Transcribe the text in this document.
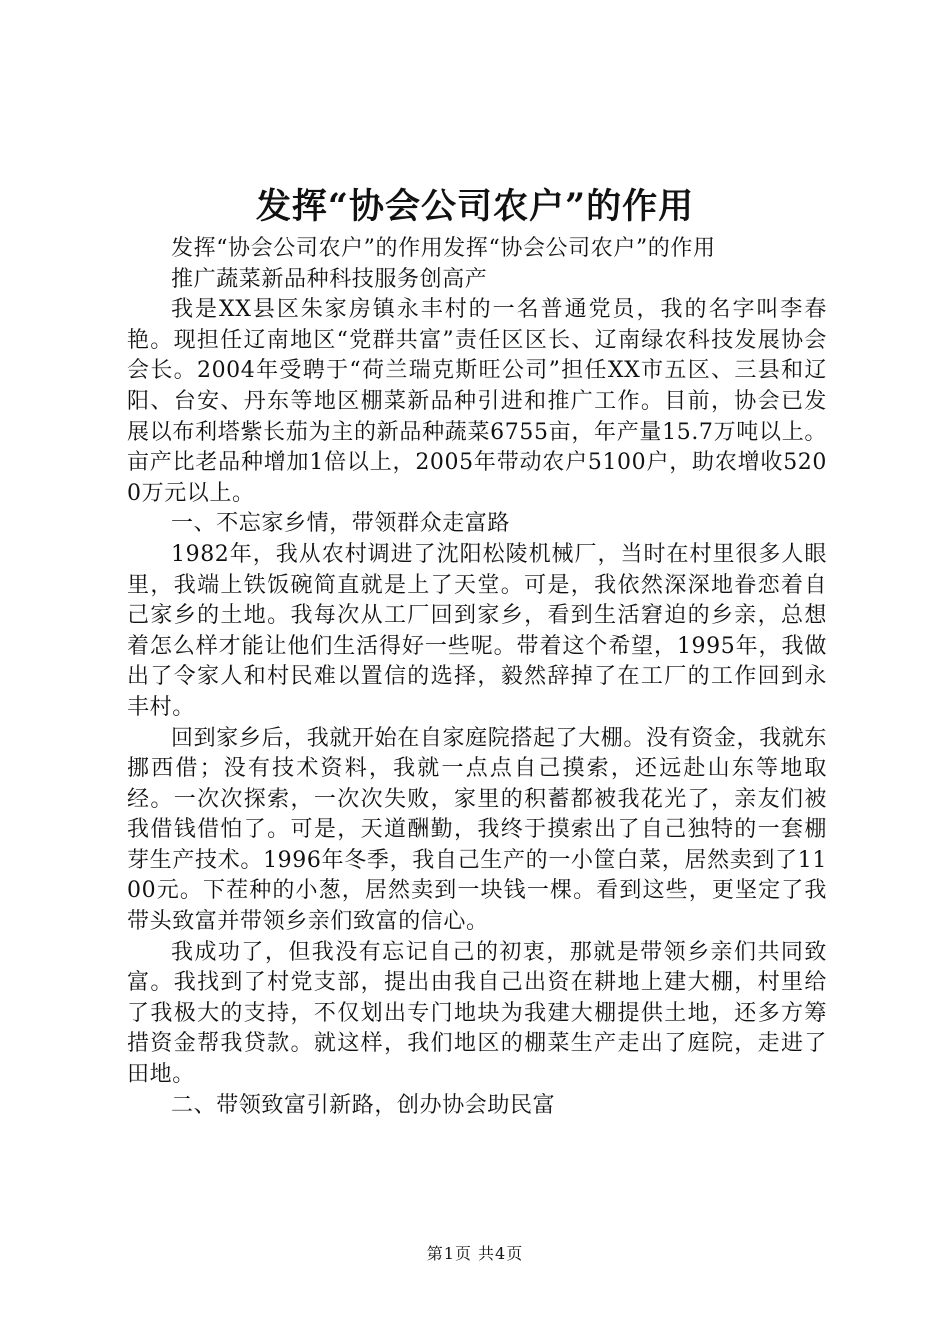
发挥“协会公司农户”的作用

发挥“协会公司农户”的作用发挥“协会公司农户”的作用

推广蔬菜新品种科技服务创高产

我是XX县区朱家房镇永丰村的一名普通党员，我的名字叫李春艳。现担任辽南地区“党群共富”责任区区长、辽南绿农科技发展协会会长。2004年受聘于“荷兰瑞克斯旺公司”担任XX市五区、三县和辽阳、台安、丹东等地区棚菜新品种引进和推广工作。目前，协会已发展以布利塔紫长茄为主的新品种蔬菜6755亩，年产量15.7万吨以上。亩产比老品种增加1倍以上，2005年带动农户5100户，助农增收5200万元以上。

一、不忘家乡情，带领群众走富路

1982年，我从农村调进了沈阳松陵机械厂，当时在村里很多人眼里，我端上铁饭碗简直就是上了天堂。可是，我依然深深地眷恋着自己家乡的土地。我每次从工厂回到家乡，看到生活窘迫的乡亲，总想着怎么样才能让他们生活得好一些呢。带着这个希望，1995年，我做出了令家人和村民难以置信的选择，毅然辞掉了在工厂的工作回到永丰村。

回到家乡后，我就开始在自家庭院搭起了大棚。没有资金，我就东挪西借；没有技术资料，我就一点点自己摸索，还远赴山东等地取经。一次次探索，一次次失败，家里的积蓄都被我花光了，亲友们被我借钱借怕了。可是，天道酬勤，我终于摸索出了自己独特的一套棚芽生产技术。1996年冬季，我自己生产的一小筐白菜，居然卖到了1100元。下茬种的小葱，居然卖到一块钱一棵。看到这些，更坚定了我带头致富并带领乡亲们致富的信心。

我成功了，但我没有忘记自己的初衷，那就是带领乡亲们共同致富。我找到了村党支部，提出由我自己出资在耕地上建大棚，村里给了我极大的支持，不仅划出专门地块为我建大棚提供土地，还多方筹措资金帮我贷款。就这样，我们地区的棚菜生产走出了庭院，走进了田地。

二、带领致富引新路，创办协会助民富

第1页 共4页
